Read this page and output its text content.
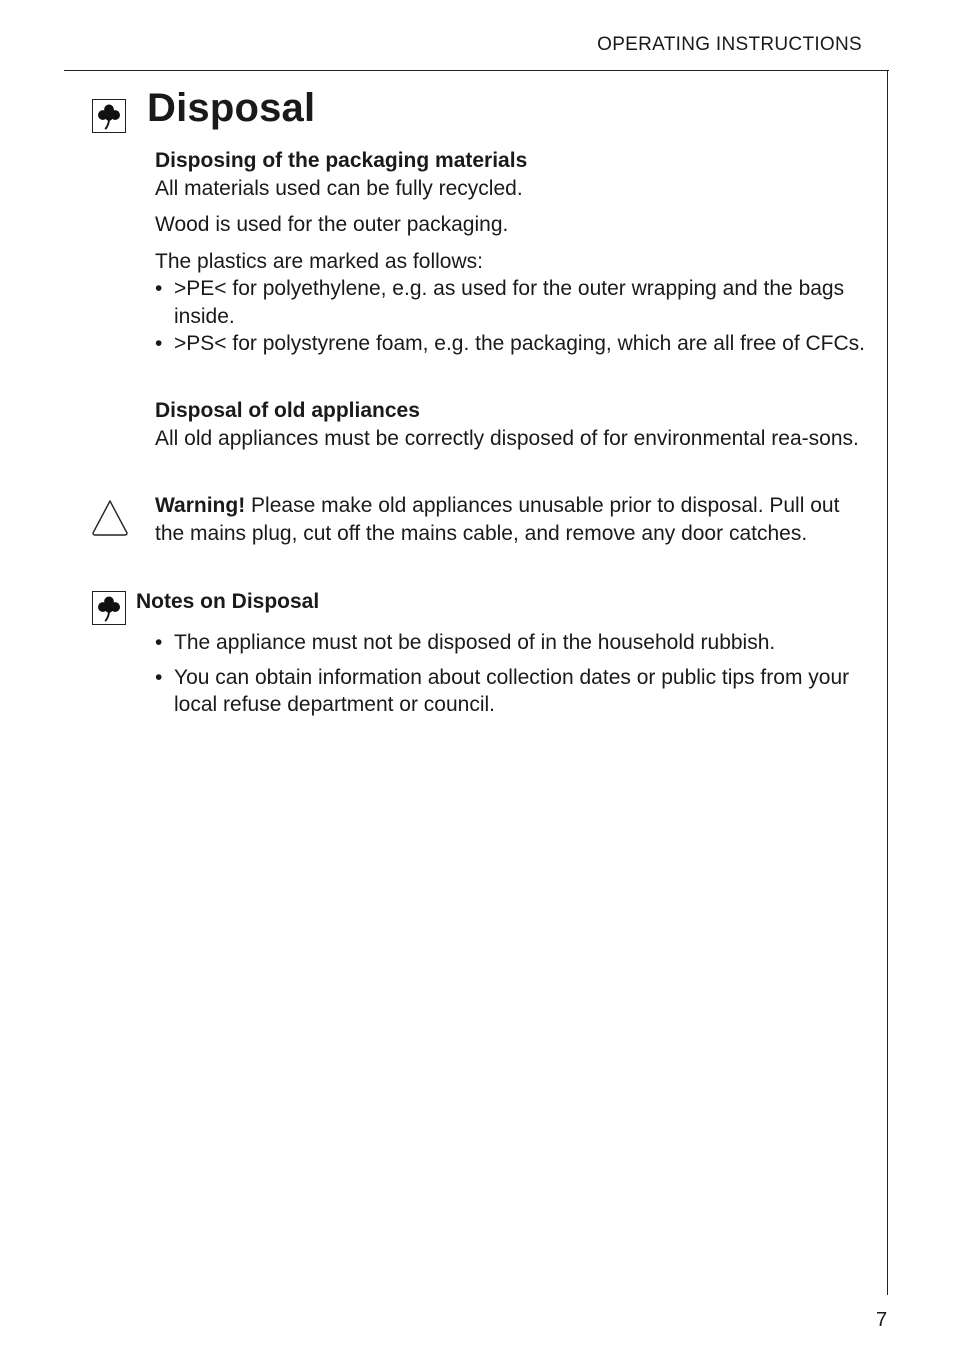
OPERATING INSTRUCTIONS
Disposal

Disposing of the packaging materials

All materials used can be fully recycled.

Wood is used for the outer packaging.

The plastics are marked as follows:

• >PE< for polyethylene, e.g. as used for the outer wrapping and the bags inside.

• >PS< for polystyrene foam, e.g. the packaging, which are all free of CFCs.

Disposal of old appliances

All old appliances must be correctly disposed of for environmental rea-sons.

Warning! Please make old appliances unusable prior to disposal. Pull out the mains plug, cut off the mains cable, and remove any door catches.

Notes on Disposal

• The appliance must not be disposed of in the household rubbish.

• You can obtain information about collection dates or public tips from your local refuse department or council.

7
